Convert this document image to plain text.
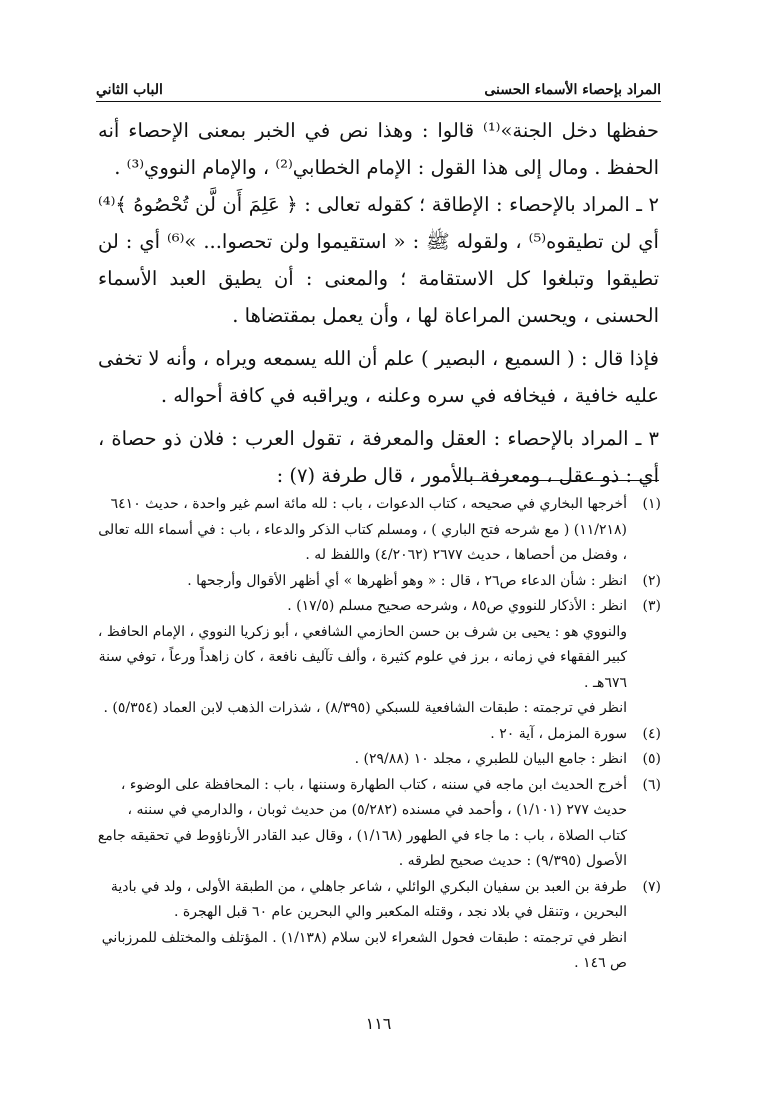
الباب الثاني	المراد بإحصاء الأسماء الحسنى

حفظها دخل الجنة»⁽¹⁾ قالوا : وهذا نص في الخبر بمعنى الإحصاء أنه الحفظ . ومال إلى هذا القول : الإمام الخطابي⁽²⁾ ، والإمام النووي⁽³⁾ .

٢ ـ المراد بالإحصاء : الإطاقة ؛ كقوله تعالى : ﴿ عَلِمَ أَن لَّن تُحْصُوهُ ﴾⁽⁴⁾ أي لن تطيقوه⁽⁵⁾ ، ولقوله ﷺ : « استقيموا ولن تحصوا... »⁽⁶⁾ أي : لن تطيقوا وتبلغوا كل الاستقامة ؛ والمعنى : أن يطيق العبد الأسماء الحسنى ، ويحسن المراعاة لها ، وأن يعمل بمقتضاها .

فإذا قال : ( السميع ، البصير ) علم أن الله يسمعه ويراه ، وأنه لا تخفى عليه خافية ، فيخافه في سره وعلنه ، ويراقبه في كافة أحواله .

٣ ـ المراد بالإحصاء : العقل والمعرفة ، تقول العرب : فلان ذو حصاة ، أي : ذو عقل ، ومعرفة بالأمور ، قال طرفة (٧) :

(١)

أخرجها البخاري في صحيحه ، كتاب الدعوات ، باب : لله مائة اسم غير واحدة ، حديث ٦٤١٠ (١١/٢١٨) ( مع شرحه فتح الباري ) ، ومسلم كتاب الذكر والدعاء ، باب : في أسماء الله تعالى ، وفضل من أحصاها ، حديث ٢٦٧٧ (٤/٢٠٦٢) واللفظ له .

(٢)

انظر : شأن الدعاء ص٢٦ ، قال : « وهو أظهرها » أي أظهر الأقوال وأرجحها .

(٣)

انظر : الأذكار للنووي ص٨٥ ، وشرحه صحيح مسلم (١٧/٥) .

والنووي هو : يحيى بن شرف بن حسن الحازمي الشافعي ، أبو زكريا النووي ، الإمام الحافظ ، كبير الفقهاء في زمانه ، برز في علوم كثيرة ، وألف تآليف نافعة ، كان زاهداً ورعاً ، توفي سنة ٦٧٦هـ .

انظر في ترجمته : طبقات الشافعية للسبكي (٨/٣٩٥) ، شذرات الذهب لابن العماد (٥/٣٥٤) .

(٤)

سورة المزمل ، آية ٢٠ .

(٥)

انظر : جامع البيان للطبري ، مجلد ١٠ (٢٩/٨٨) .

(٦)

أخرج الحديث ابن ماجه في سننه ، كتاب الطهارة وسننها ، باب : المحافظة على الوضوء ، حديث ٢٧٧ (١/١٠١) ، وأحمد في مسنده (٥/٢٨٢) من حديث ثوبان ، والدارمي في سننه ، كتاب الصلاة ، باب : ما جاء في الطهور (١/١٦٨) ، وقال عبد القادر الأرناؤوط في تحقيقه جامع الأصول (٩/٣٩٥) : حديث صحيح لطرقه .

(٧)

طرفة بن العبد بن سفيان البكري الوائلي ، شاعر جاهلي ، من الطبقة الأولى ، ولد في بادية البحرين ، وتنقل في بلاد نجد ، وقتله المكعبر والي البحرين عام ٦٠ قبل الهجرة .

انظر في ترجمته : طبقات فحول الشعراء لابن سلام (١/١٣٨) . المؤتلف والمختلف للمرزباني ص ١٤٦ .

١١٦
